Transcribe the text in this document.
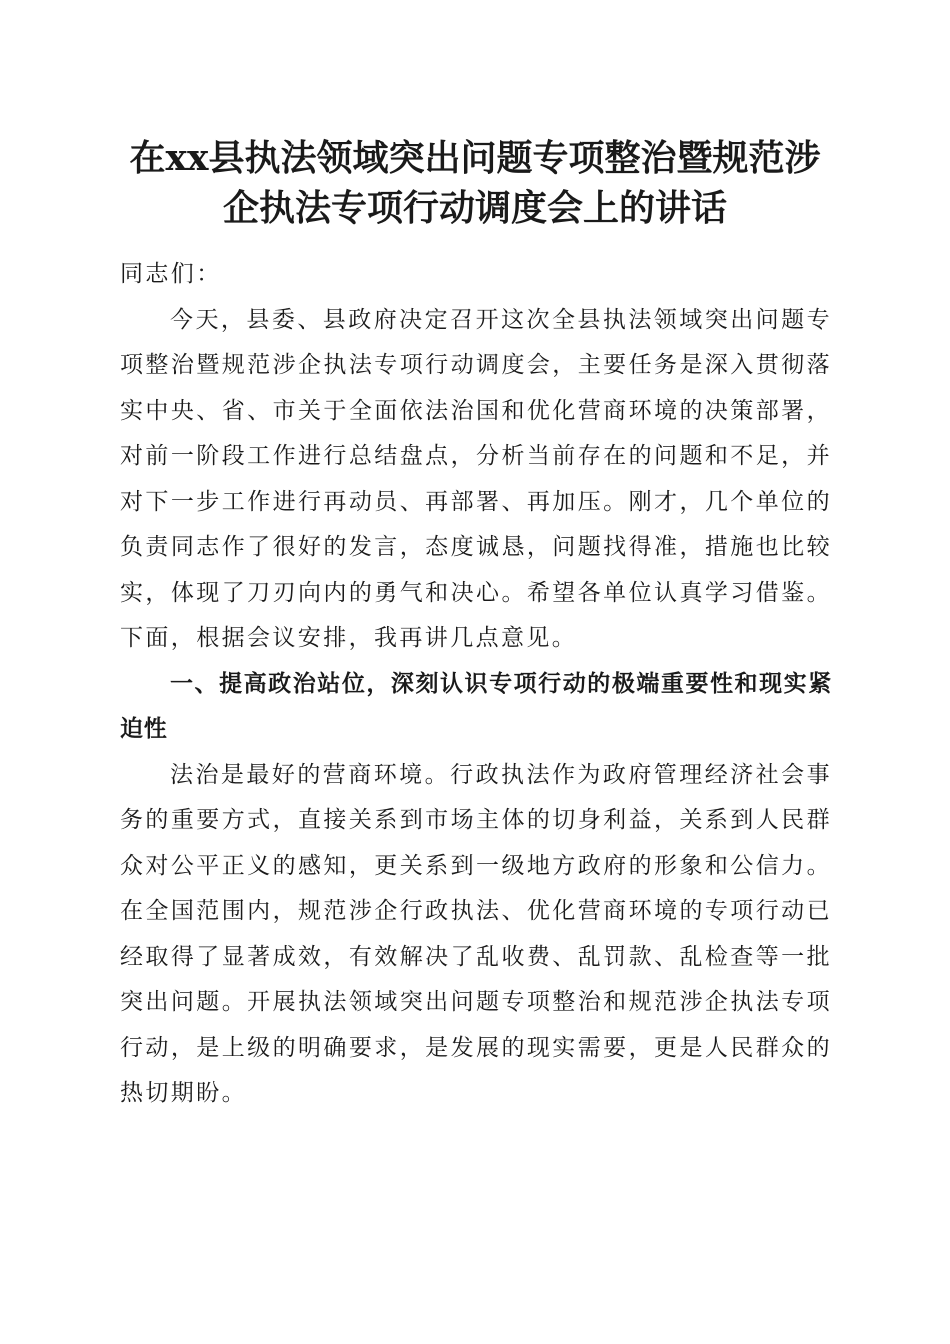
在xx县执法领域突出问题专项整治暨规范涉
企执法专项行动调度会上的讲话

同志们：

今天，县委、县政府决定召开这次全县执法领域突出问题专项整治暨规范涉企执法专项行动调度会，主要任务是深入贯彻落实中央、省、市关于全面依法治国和优化营商环境的决策部署，对前一阶段工作进行总结盘点，分析当前存在的问题和不足，并对下一步工作进行再动员、再部署、再加压。刚才，几个单位的负责同志作了很好的发言，态度诚恳，问题找得准，措施也比较实，体现了刀刃向内的勇气和决心。希望各单位认真学习借鉴。下面，根据会议安排，我再讲几点意见。

一、提高政治站位，深刻认识专项行动的极端重要性和现实紧迫性

法治是最好的营商环境。行政执法作为政府管理经济社会事务的重要方式，直接关系到市场主体的切身利益，关系到人民群众对公平正义的感知，更关系到一级地方政府的形象和公信力。在全国范围内，规范涉企行政执法、优化营商环境的专项行动已经取得了显著成效，有效解决了乱收费、乱罚款、乱检查等一批突出问题。开展执法领域突出问题专项整治和规范涉企执法专项行动，是上级的明确要求，是发展的现实需要，更是人民群众的热切期盼。
